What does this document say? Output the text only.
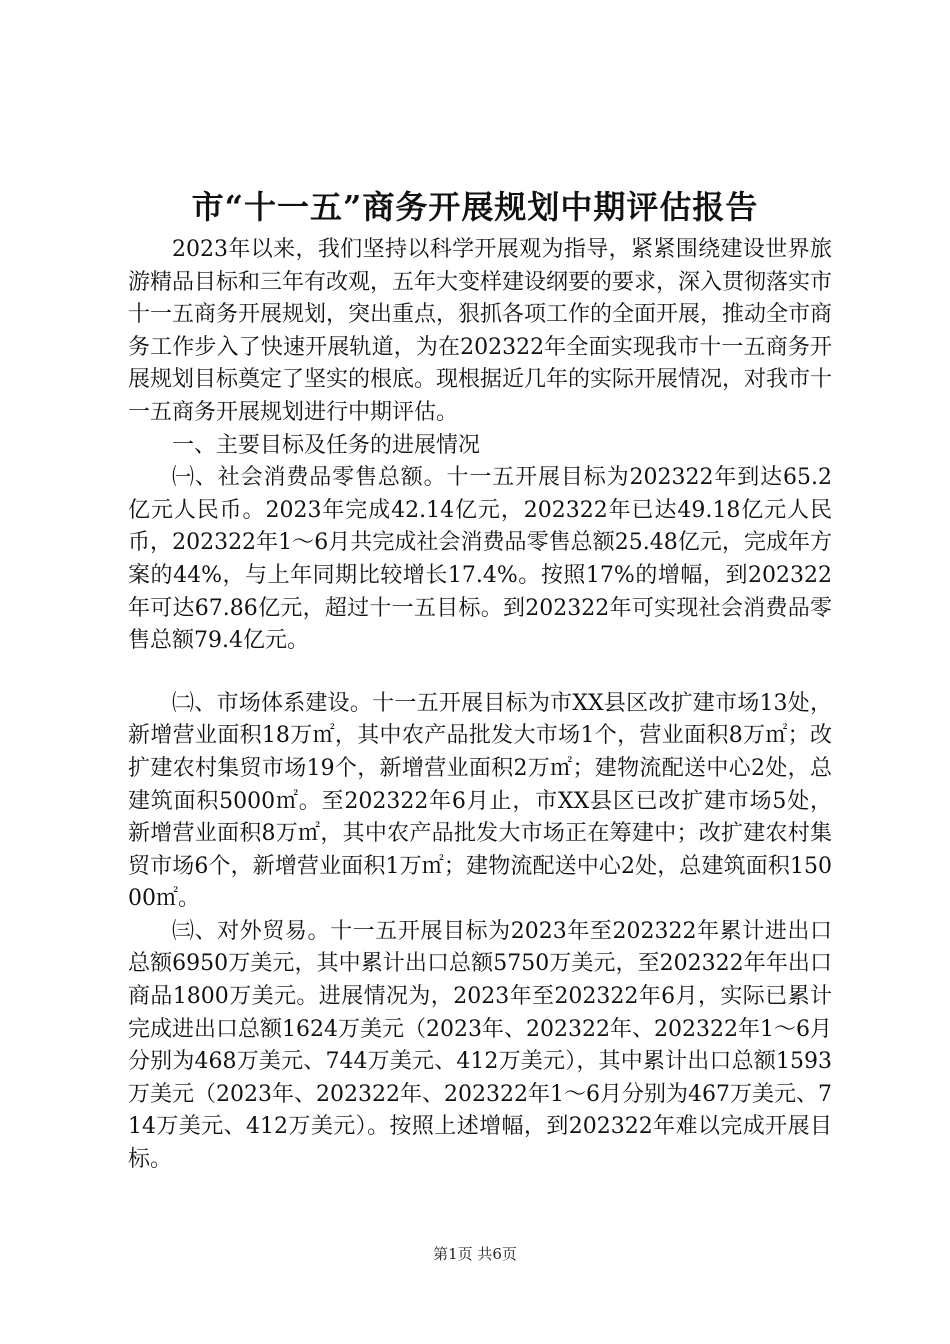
市“十一五”商务开展规划中期评估报告

2023年以来，我们坚持以科学开展观为指导，紧紧围绕建设世界旅游精品目标和三年有改观，五年大变样建设纲要的要求，深入贯彻落实市十一五商务开展规划，突出重点，狠抓各项工作的全面开展，推动全市商务工作步入了快速开展轨道，为在202322年全面实现我市十一五商务开展规划目标奠定了坚实的根底。现根据近几年的实际开展情况，对我市十一五商务开展规划进行中期评估。

一、主要目标及任务的进展情况

㈠、社会消费品零售总额。十一五开展目标为202322年到达65.2亿元人民币。2023年完成42.14亿元，202322年已达49.18亿元人民币，202322年1～6月共完成社会消费品零售总额25.48亿元，完成年方案的44%，与上年同期比较增长17.4%。按照17%的增幅，到202322年可达67.86亿元，超过十一五目标。到202322年可实现社会消费品零售总额79.4亿元。

㈡、市场体系建设。十一五开展目标为市XX县区改扩建市场13处，新增营业面积18万㎡，其中农产品批发大市场1个，营业面积8万㎡；改扩建农村集贸市场19个，新增营业面积2万㎡；建物流配送中心2处，总建筑面积5000㎡。至202322年6月止，市XX县区已改扩建市场5处，新增营业面积8万㎡，其中农产品批发大市场正在筹建中；改扩建农村集贸市场6个，新增营业面积1万㎡；建物流配送中心2处，总建筑面积15000㎡。

㈢、对外贸易。十一五开展目标为2023年至202322年累计进出口总额6950万美元，其中累计出口总额5750万美元，至202322年年出口商品1800万美元。进展情况为，2023年至202322年6月，实际已累计完成进出口总额1624万美元（2023年、202322年、202322年1～6月分别为468万美元、744万美元、412万美元），其中累计出口总额1593万美元（2023年、202322年、202322年1～6月分别为467万美元、714万美元、412万美元）。按照上述增幅，到202322年难以完成开展目标。

第1页 共6页
